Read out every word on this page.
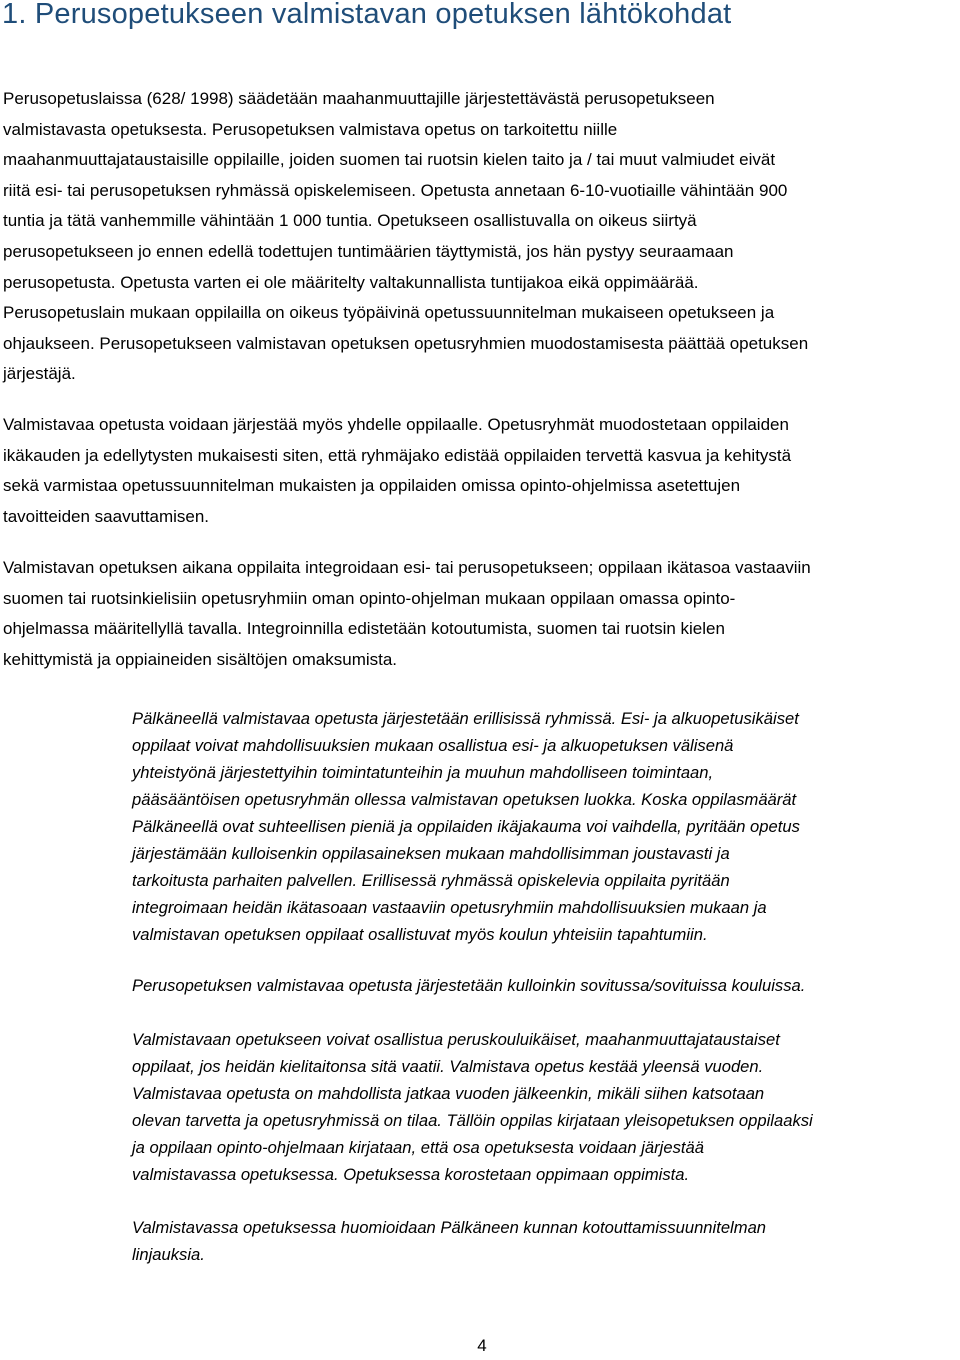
1. Perusopetukseen valmistavan opetuksen lähtökohdat

Perusopetuslaissa (628/ 1998) säädetään maahanmuuttajille järjestettävästä perusopetukseen
valmistavasta opetuksesta. Perusopetuksen valmistava opetus on tarkoitettu niille
maahanmuuttajataustaisille oppilaille, joiden suomen tai ruotsin kielen taito ja / tai muut valmiudet eivät
riitä esi- tai perusopetuksen ryhmässä opiskelemiseen. Opetusta annetaan 6-10-vuotiaille vähintään 900
tuntia ja tätä vanhemmille vähintään 1 000 tuntia. Opetukseen osallistuvalla on oikeus siirtyä
perusopetukseen jo ennen edellä todettujen tuntimäärien täyttymistä, jos hän pystyy seuraamaan
perusopetusta. Opetusta varten ei ole määritelty valtakunnallista tuntijakoa eikä oppimäärää.
Perusopetuslain mukaan oppilailla on oikeus työpäivinä opetussuunnitelman mukaiseen opetukseen ja
ohjaukseen. Perusopetukseen valmistavan opetuksen opetusryhmien muodostamisesta päättää opetuksen
järjestäjä.

Valmistavaa opetusta voidaan järjestää myös yhdelle oppilaalle. Opetusryhmät muodostetaan oppilaiden
ikäkauden ja edellytysten mukaisesti siten, että ryhmäjako edistää oppilaiden tervettä kasvua ja kehitystä
sekä varmistaa opetussuunnitelman mukaisten ja oppilaiden omissa opinto-ohjelmissa asetettujen
tavoitteiden saavuttamisen.

Valmistavan opetuksen aikana oppilaita integroidaan esi- tai perusopetukseen; oppilaan ikätasoa vastaaviin
suomen tai ruotsinkielisiin opetusryhmiin oman opinto-ohjelman mukaan oppilaan omassa opinto-
ohjelmassa määritellyllä tavalla. Integroinnilla edistetään kotoutumista, suomen tai ruotsin kielen
kehittymistä ja oppiaineiden sisältöjen omaksumista.

Pälkäneellä valmistavaa opetusta järjestetään erillisissä ryhmissä. Esi- ja alkuopetusikäiset
oppilaat voivat mahdollisuuksien mukaan osallistua esi- ja alkuopetuksen välisenä
yhteistyönä järjestettyihin toimintatunteihin ja muuhun mahdolliseen toimintaan,
pääsääntöisen opetusryhmän ollessa valmistavan opetuksen luokka. Koska oppilasmäärät
Pälkäneellä ovat suhteellisen pieniä ja oppilaiden ikäjakauma voi vaihdella, pyritään opetus
järjestämään kulloisenkin oppilasaineksen mukaan mahdollisimman joustavasti ja
tarkoitusta parhaiten palvellen. Erillisessä ryhmässä opiskelevia oppilaita pyritään
integroimaan heidän ikätasoaan vastaaviin opetusryhmiin mahdollisuuksien mukaan ja
valmistavan opetuksen oppilaat osallistuvat myös koulun yhteisiin tapahtumiin.

Perusopetuksen valmistavaa opetusta järjestetään kulloinkin sovitussa/sovituissa kouluissa.

Valmistavaan opetukseen voivat osallistua peruskouluikäiset, maahanmuuttajataustaiset
oppilaat, jos heidän kielitaitonsa sitä vaatii. Valmistava opetus kestää yleensä vuoden.
Valmistavaa opetusta on mahdollista jatkaa vuoden jälkeenkin, mikäli siihen katsotaan
olevan tarvetta ja opetusryhmissä on tilaa. Tällöin oppilas kirjataan yleisopetuksen oppilaaksi
ja oppilaan opinto-ohjelmaan kirjataan, että osa opetuksesta voidaan järjestää
valmistavassa opetuksessa. Opetuksessa korostetaan oppimaan oppimista.

Valmistavassa opetuksessa huomioidaan Pälkäneen kunnan kotouttamissuunnitelman
linjauksia.

4
